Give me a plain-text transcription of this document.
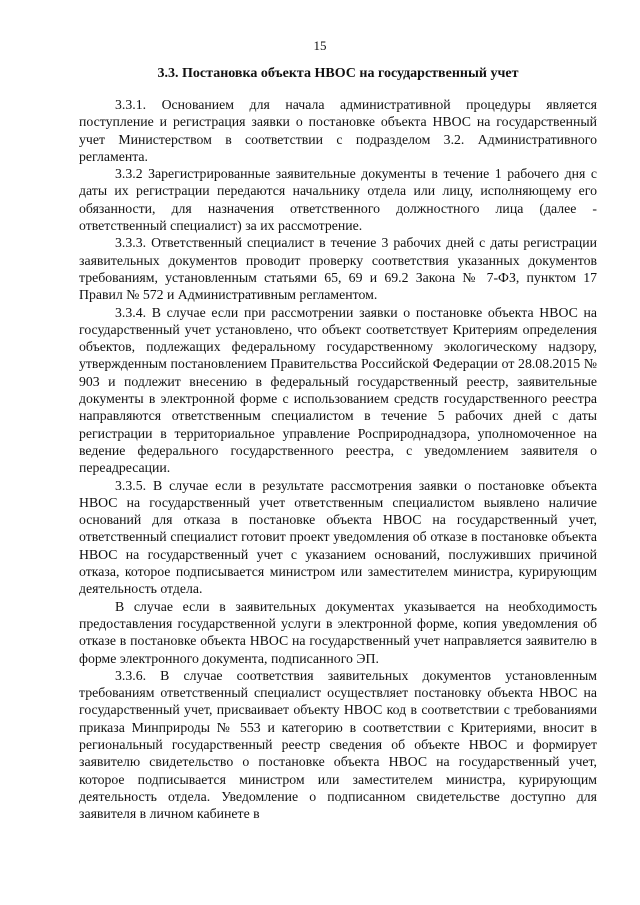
15
3.3. Постановка объекта НВОС на государственный учет

3.3.1. Основанием для начала административной процедуры является поступление и регистрация заявки о постановке объекта НВОС на государственный учет Министерством в соответствии с подразделом 3.2. Административного регламента.

3.3.2 Зарегистрированные заявительные документы в течение 1 рабочего дня с даты их регистрации передаются начальнику отдела или лицу, исполняющему его обязанности, для назначения ответственного должностного лица (далее - ответственный специалист) за их рассмотрение.

3.3.3. Ответственный специалист в течение 3 рабочих дней с даты регистрации заявительных документов проводит проверку соответствия указанных документов требованиям, установленным статьями 65, 69 и 69.2 Закона № 7-ФЗ, пунктом 17 Правил № 572 и Административным регламентом.

3.3.4. В случае если при рассмотрении заявки о постановке объекта НВОС на государственный учет установлено, что объект соответствует Критериям определения объектов, подлежащих федеральному государственному экологическому надзору, утвержденным постановлением Правительства Российской Федерации от 28.08.2015 № 903 и подлежит внесению в федеральный государственный реестр, заявительные документы в электронной форме с использованием средств государственного реестра направляются ответственным специалистом в течение 5 рабочих дней с даты регистрации в территориальное управление Росприроднадзора, уполномоченное на ведение федерального государственного реестра, с уведомлением заявителя о переадресации.

3.3.5. В случае если в результате рассмотрения заявки о постановке объекта НВОС на государственный учет ответственным специалистом выявлено наличие оснований для отказа в постановке объекта НВОС на государственный учет, ответственный специалист готовит проект уведомления об отказе в постановке объекта НВОС на государственный учет с указанием оснований, послуживших причиной отказа, которое подписывается министром или заместителем министра, курирующим деятельность отдела.

В случае если в заявительных документах указывается на необходимость предоставления государственной услуги в электронной форме, копия уведомления об отказе в постановке объекта НВОС на государственный учет направляется заявителю в форме электронного документа, подписанного ЭП.

3.3.6. В случае соответствия заявительных документов установленным требованиям ответственный специалист осуществляет постановку объекта НВОС на государственный учет, присваивает объекту НВОС код в соответствии с требованиями приказа Минприроды № 553 и категорию в соответствии с Критериями, вносит в региональный государственный реестр сведения об объекте НВОС и формирует заявителю свидетельство о постановке объекта НВОС на государственный учет, которое подписывается министром или заместителем министра, курирующим деятельность отдела. Уведомление о подписанном свидетельстве доступно для заявителя в личном кабинете в
